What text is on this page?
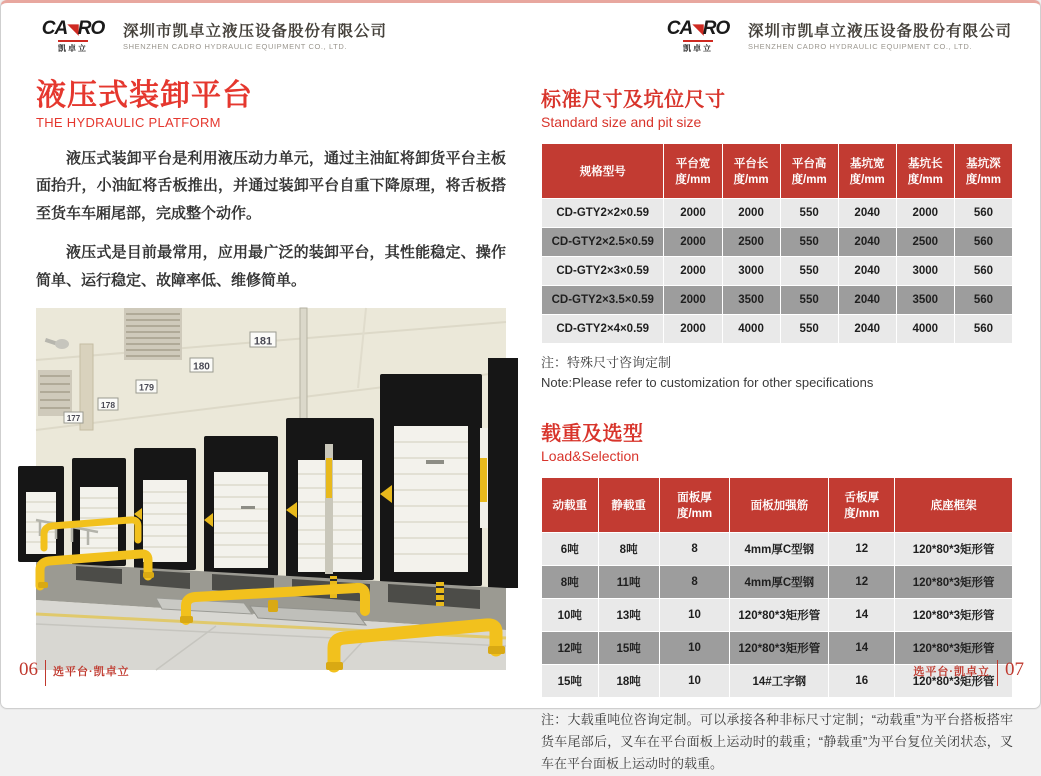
CA◥RO
凯卓立
深圳市凯卓立液压设备股份有限公司
SHENZHEN CADRO HYDRAULIC EQUIPMENT CO., LTD.
CA◥RO
凯卓立
深圳市凯卓立液压设备股份有限公司
SHENZHEN CADRO HYDRAULIC EQUIPMENT CO., LTD.
液压式装卸平台
THE HYDRAULIC PLATFORM

液压式装卸平台是利用液压动力单元，通过主油缸将卸货平台主板面抬升，小油缸将舌板推出，并通过装卸平台自重下降原理，将舌板搭至货车车厢尾部，完成整个动作。

液压式是目前最常用，应用最广泛的装卸平台，其性能稳定、操作简单、运行稳定、故障率低、维修简单。

177
178
179
180
181
标准尺寸及坑位尺寸
Standard size and pit size
规格型号	平台宽度/mm	平台长度/mm	平台高度/mm	基坑宽度/mm	基坑长度/mm	基坑深度/mm
CD-GTY2×2×0.59	2000	2000	550	2040	2000	560
CD-GTY2×2.5×0.59	2000	2500	550	2040	2500	560
CD-GTY2×3×0.59	2000	3000	550	2040	3000	560
CD-GTY2×3.5×0.59	2000	3500	550	2040	3500	560
CD-GTY2×4×0.59	2000	4000	550	2040	4000	560
注：特殊尺寸咨询定制
Note:Please refer to customization for other specifications
载重及选型
Load&Selection
动载重	静载重	面板厚度/mm	面板加强筋	舌板厚度/mm	底座框架
6吨	8吨	8	4mm厚C型钢	12	120*80*3矩形管
8吨	11吨	8	4mm厚C型钢	12	120*80*3矩形管
10吨	13吨	10	120*80*3矩形管	14	120*80*3矩形管
12吨	15吨	10	120*80*3矩形管	14	120*80*3矩形管
15吨	18吨	10	14#工字钢	16	120*80*3矩形管
注：大载重吨位咨询定制。可以承接各种非标尺寸定制；“动载重”为平台搭板搭牢货车尾部后，叉车在平台面板上运动时的载重；“静载重”为平台复位关闭状态，叉车在平台面板上运动时的载重。
06 选平台·凯卓立	选平台·凯卓立 07
